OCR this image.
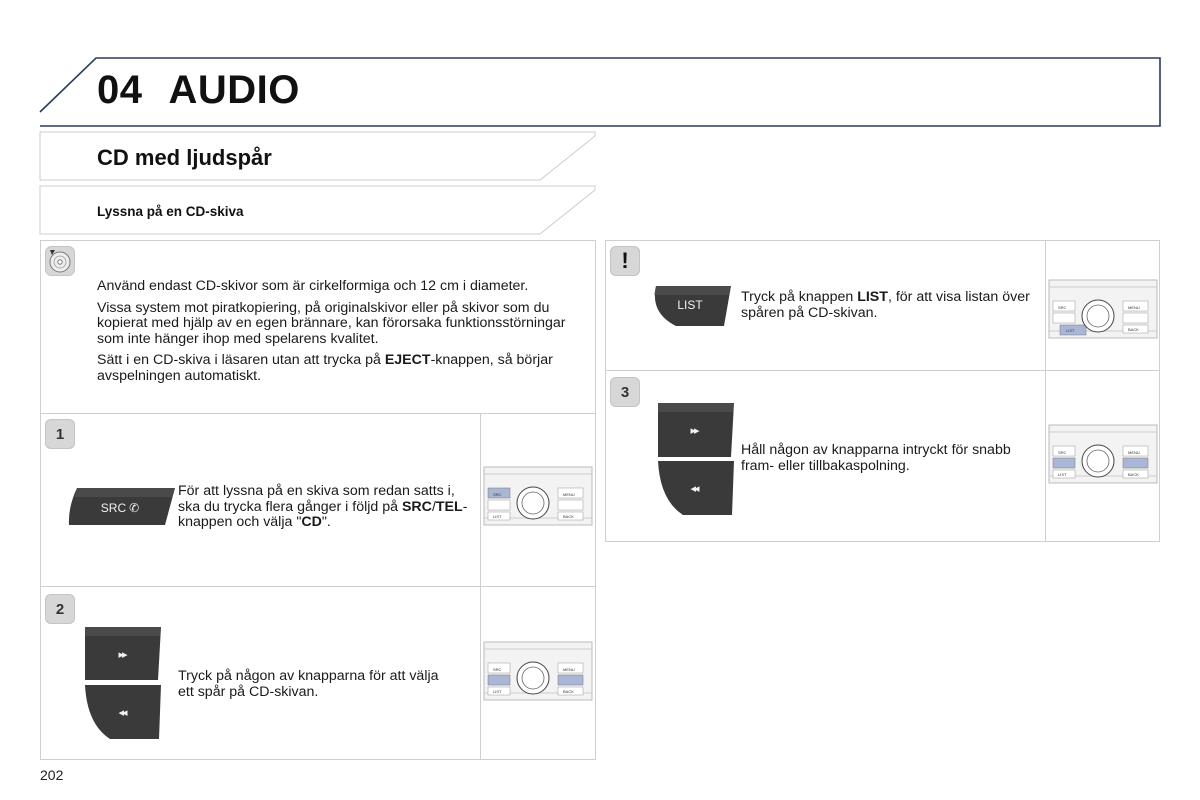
04 AUDIO
CD med ljudspår
Lyssna på en CD-skiva

Använd endast CD-skivor som är cirkelformiga och 12 cm i diameter.

Vissa system mot piratkopiering, på originalskivor eller på skivor som du kopierat med hjälp av en egen brännare, kan förorsaka funktionsstörningar som inte hänger ihop med spelarens kvalitet.

Sätt i en CD-skiva i läsaren utan att trycka på EJECT-knappen, så börjar avspelningen automatiskt.

1
SRC ✆
För att lyssna på en skiva som redan satts i, ska du trycka flera gånger i följd på SRC/TEL-knappen och välja "CD".
SRC	MENU
LIST	BACK
2
▸▸
◂◂
Tryck på någon av knapparna för att välja ett spår på CD-skivan.
SRC	MENU
LIST	BACK
!
LIST	Tryck på knappen LIST, för att visa listan över spåren på CD-skivan.	SRC	MENU
LIST	BACK
3
▸▸
◂◂
Håll någon av knapparna intryckt för snabb fram- eller tillbakaspolning.
SRC	MENU
LIST	BACK
202
